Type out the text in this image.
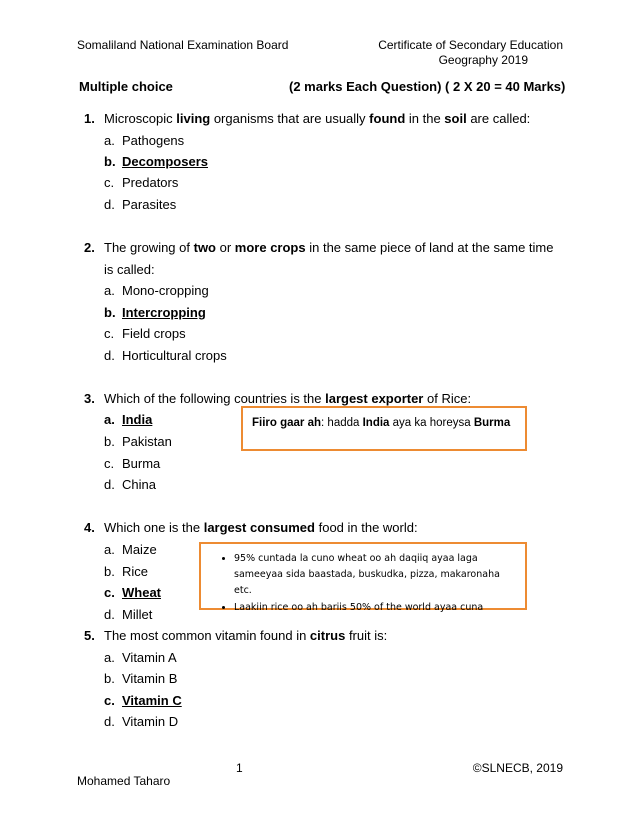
Somaliland National Examination Board	Certificate of Secondary Education
Geography 2019
Multiple choice	(2 marks Each Question) ( 2 X 20 = 40 Marks)
1. Microscopic living organisms that are usually found in the soil are called:
a. Pathogens
b. Decomposers
c. Predators
d. Parasites
2. The growing of two or more crops in the same piece of land at the same time is called:
a. Mono-cropping
b. Intercropping
c. Field crops
d. Horticultural crops
3. Which of the following countries is the largest exporter of Rice:
a. India
b. Pakistan
c. Burma
d. China
Fiiro gaar ah: hadda India aya ka horeysa Burma
4. Which one is the largest consumed food in the world:
a. Maize
b. Rice
c. Wheat
d. Millet
• 95% cuntada la cuno wheat oo ah daqiiq ayaa laga sameeyaa sida baastada, buskudka, pizza, makaronaha etc.
• Laakiin rice oo ah bariis 50% of the world ayaa cuna
5. The most common vitamin found in citrus fruit is:
a. Vitamin A
b. Vitamin B
c. Vitamin C
d. Vitamin D
1	©SLNECB, 2019
Mohamed Taharo
